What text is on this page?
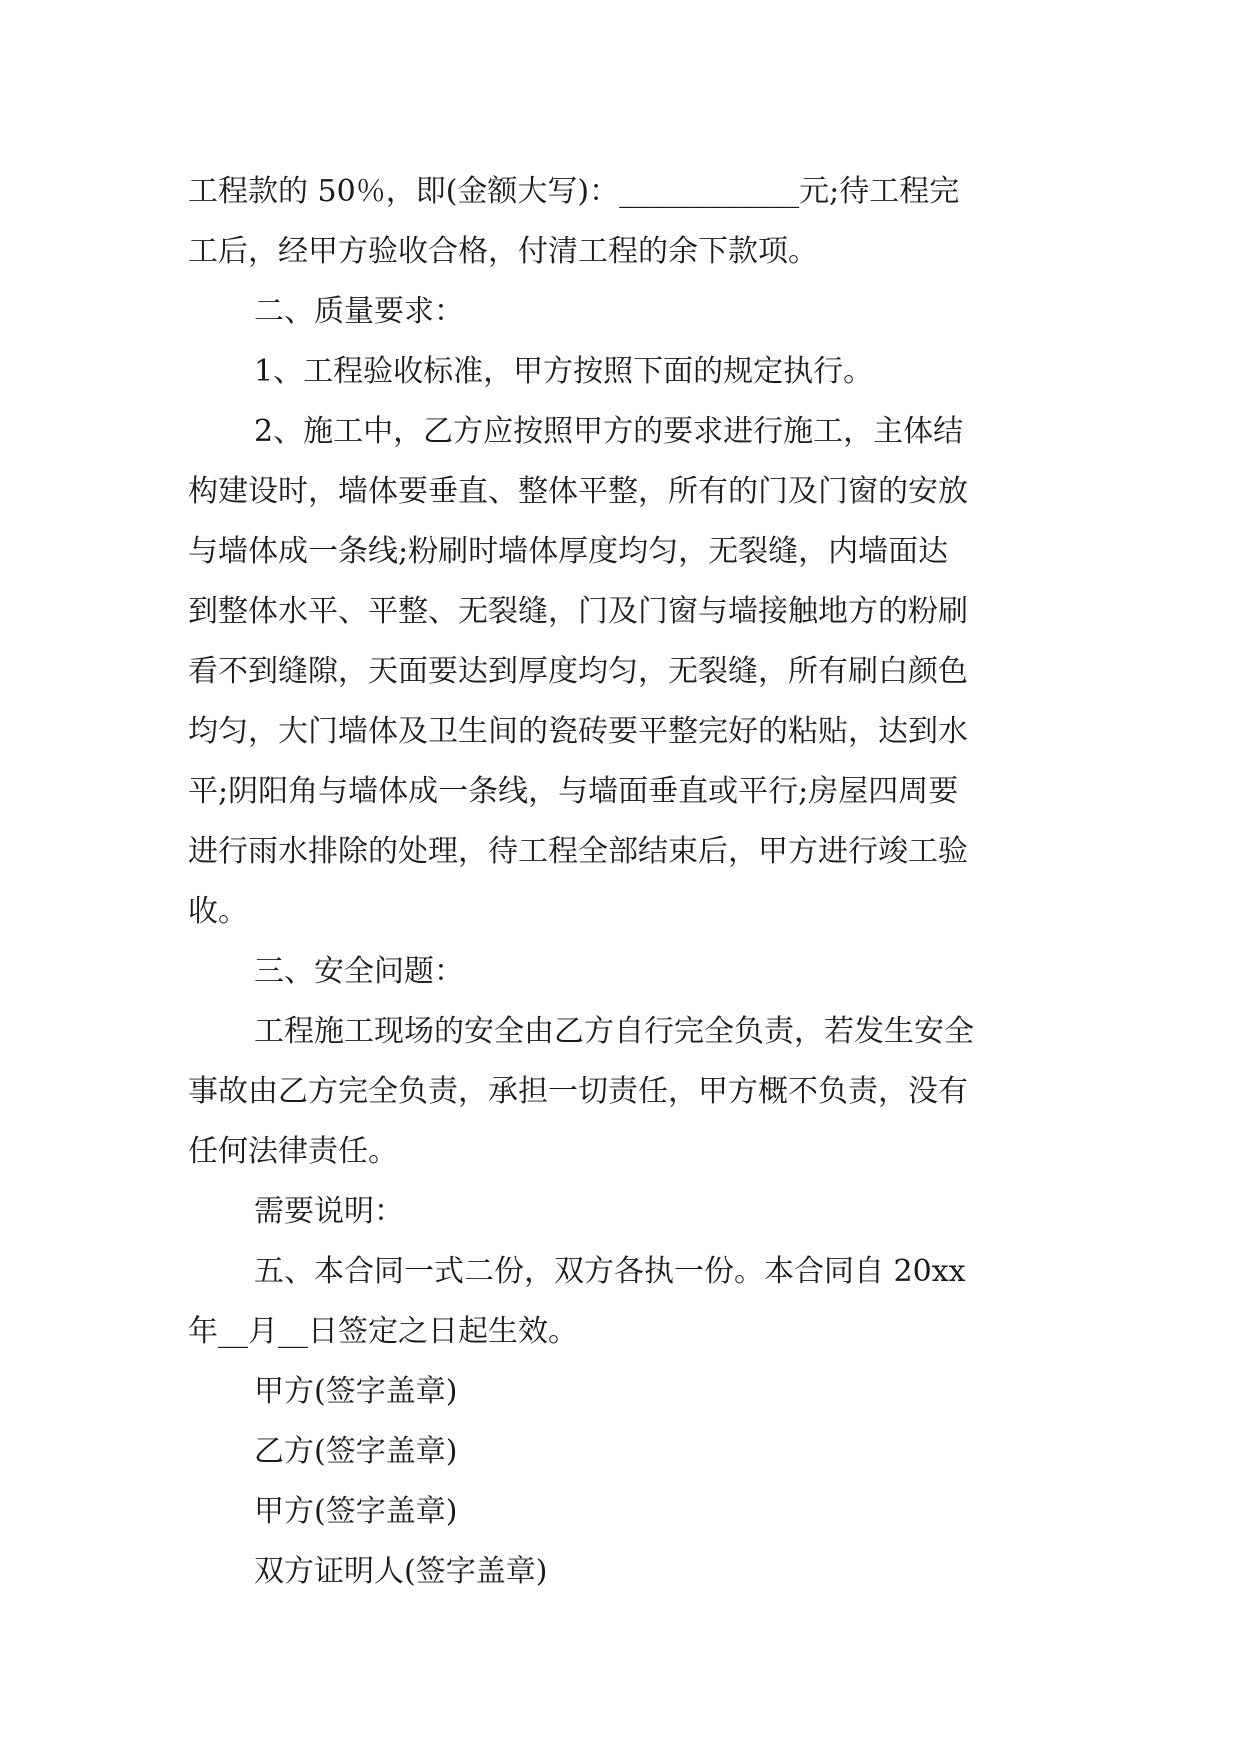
工程款的 50％，即(金额大写)：____________元;待工程完
工后，经甲方验收合格，付清工程的余下款项。
二、质量要求：
1、工程验收标准，甲方按照下面的规定执行。
2、施工中，乙方应按照甲方的要求进行施工，主体结
构建设时，墙体要垂直、整体平整，所有的门及门窗的安放
与墙体成一条线;粉刷时墙体厚度均匀，无裂缝，内墙面达
到整体水平、平整、无裂缝，门及门窗与墙接触地方的粉刷
看不到缝隙，天面要达到厚度均匀，无裂缝，所有刷白颜色
均匀，大门墙体及卫生间的瓷砖要平整完好的粘贴，达到水
平;阴阳角与墙体成一条线，与墙面垂直或平行;房屋四周要
进行雨水排除的处理，待工程全部结束后，甲方进行竣工验
收。
三、安全问题：
工程施工现场的安全由乙方自行完全负责，若发生安全
事故由乙方完全负责，承担一切责任，甲方概不负责，没有
任何法律责任。
需要说明：
五、本合同一式二份，双方各执一份。本合同自 20xx
年__月__日签定之日起生效。
甲方(签字盖章)
乙方(签字盖章)
甲方(签字盖章)
双方证明人(签字盖章)
